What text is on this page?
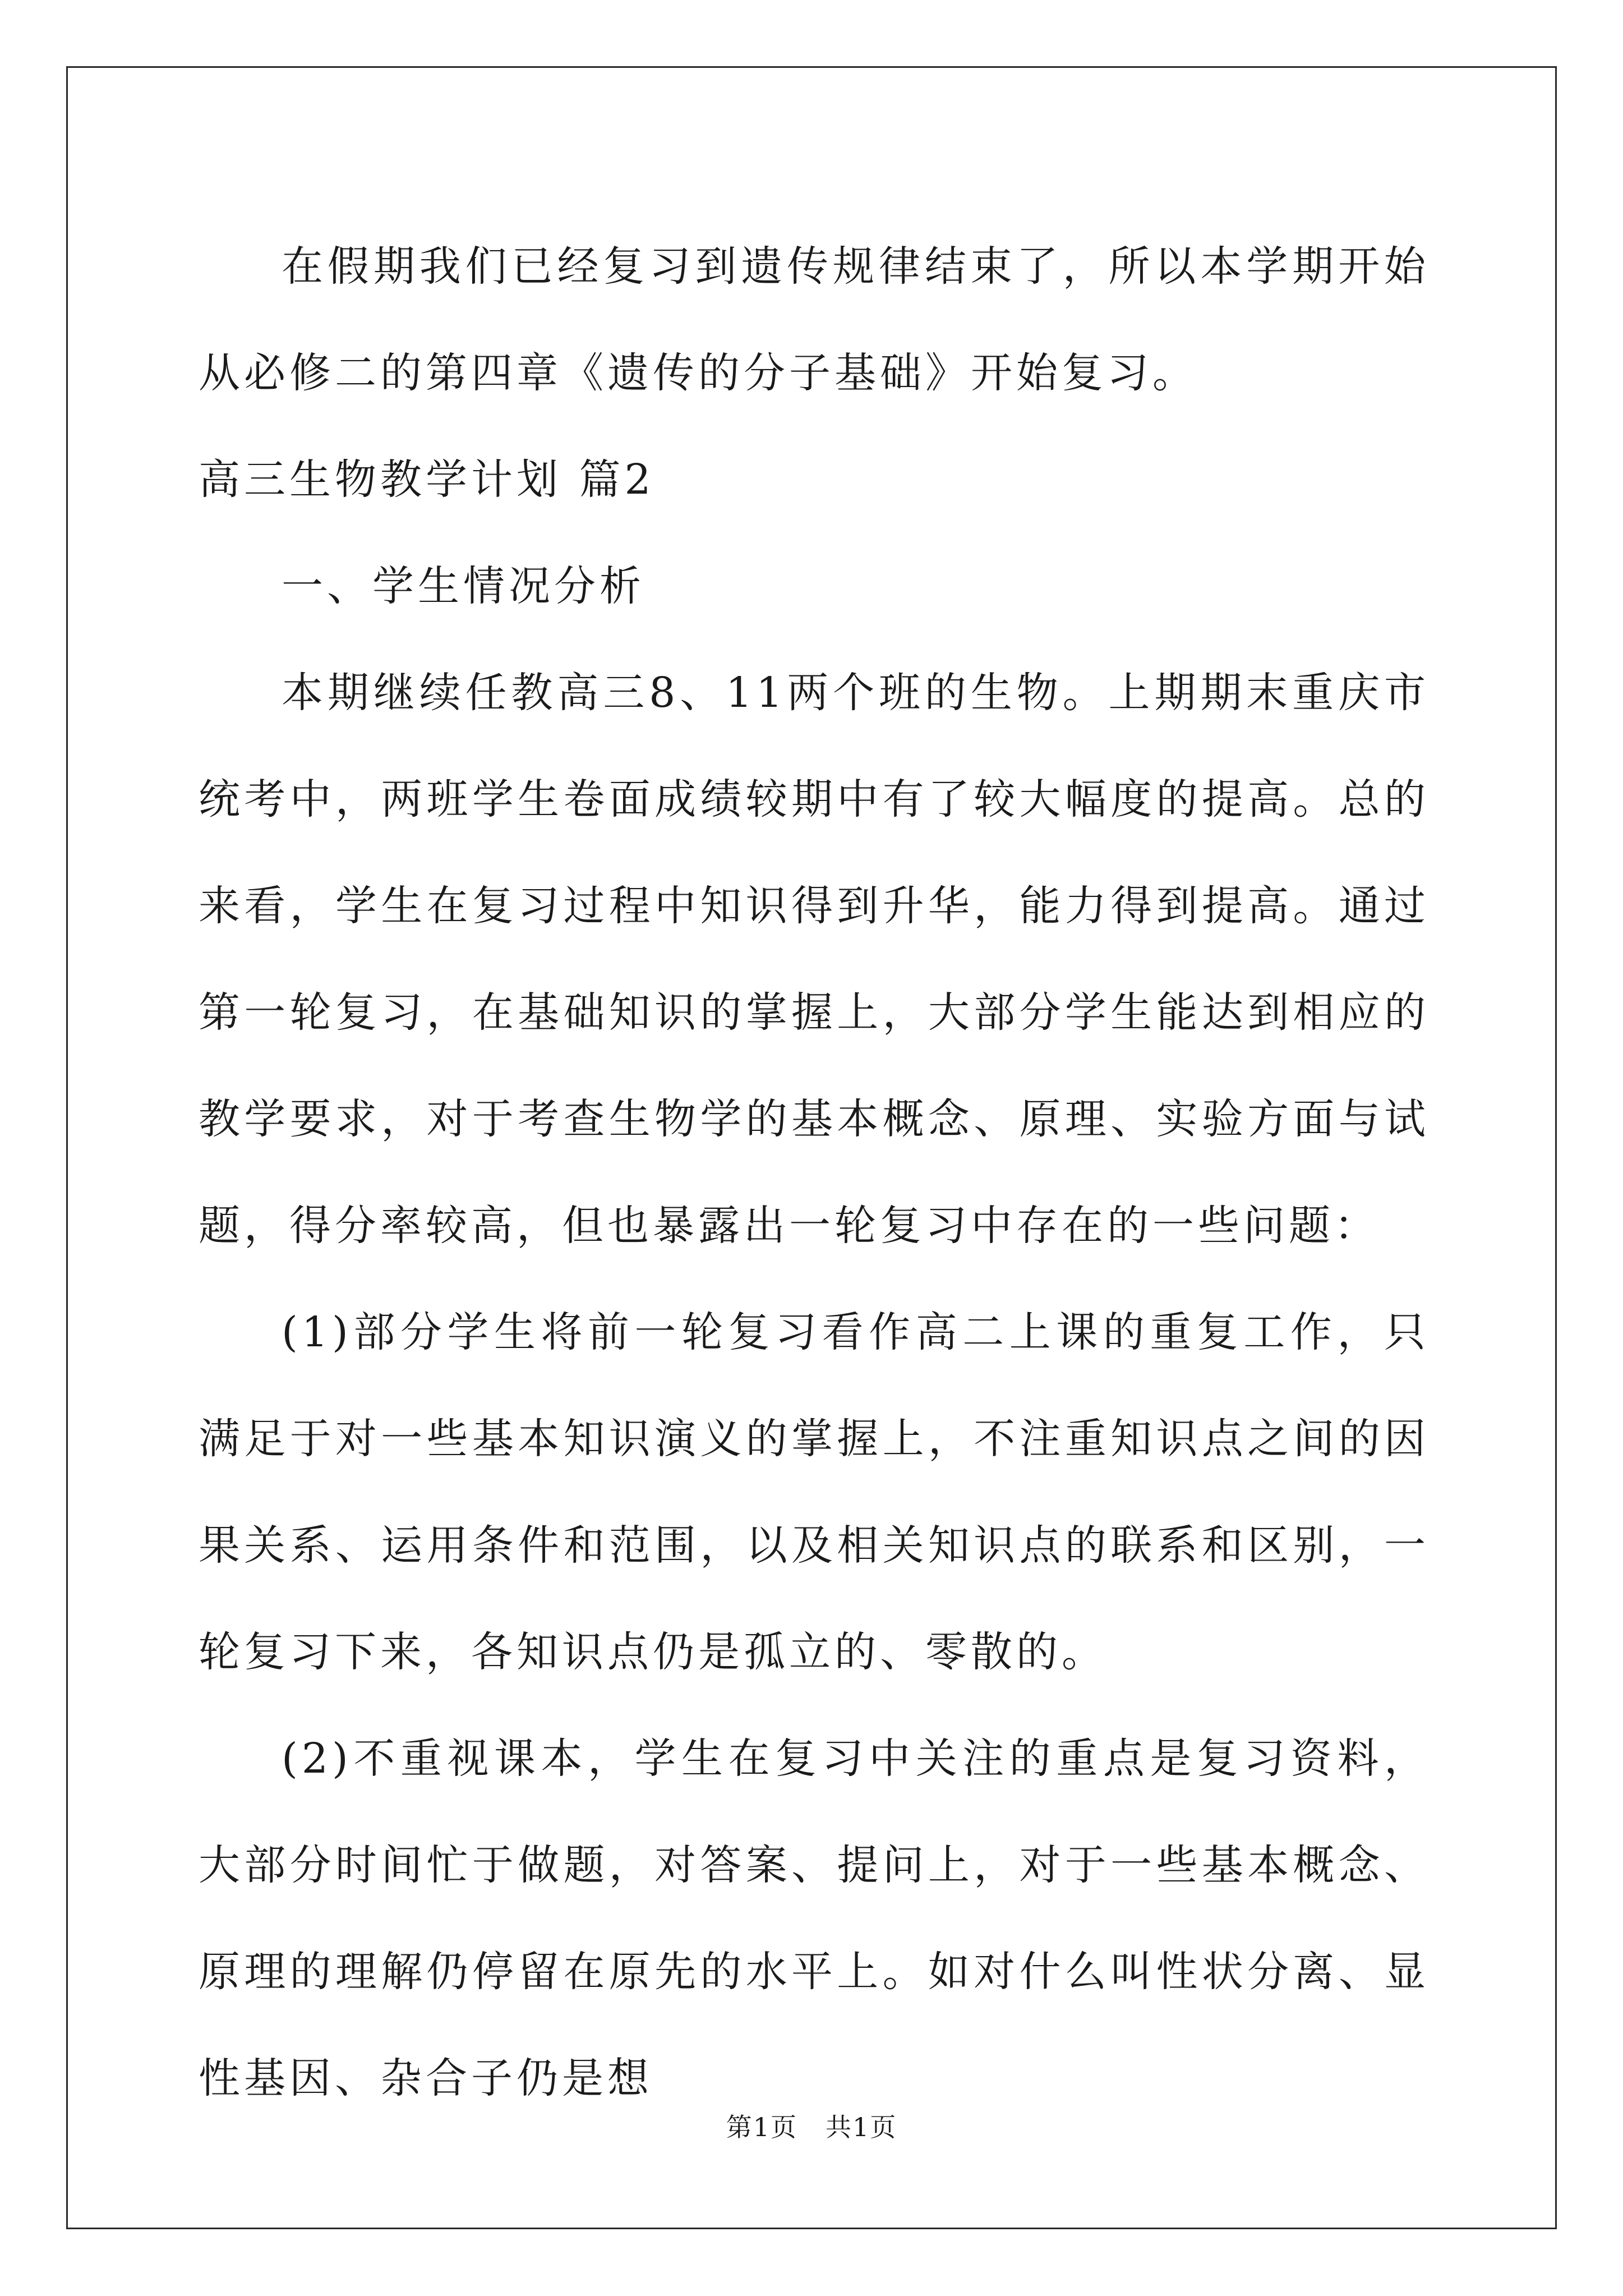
在假期我们已经复习到遗传规律结束了，所以本学期开始从必修二的第四章《遗传的分子基础》开始复习。

高三生物教学计划 篇2

一、学生情况分析

本期继续任教高三8、11两个班的生物。上期期末重庆市统考中，两班学生卷面成绩较期中有了较大幅度的提高。总的来看，学生在复习过程中知识得到升华，能力得到提高。通过第一轮复习，在基础知识的掌握上，大部分学生能达到相应的教学要求，对于考查生物学的基本概念、原理、实验方面与试题，得分率较高，但也暴露出一轮复习中存在的一些问题：

(1)部分学生将前一轮复习看作高二上课的重复工作，只满足于对一些基本知识演义的掌握上，不注重知识点之间的因果关系、运用条件和范围，以及相关知识点的联系和区别，一轮复习下来，各知识点仍是孤立的、零散的。

(2)不重视课本，学生在复习中关注的重点是复习资料，大部分时间忙于做题，对答案、提问上，对于一些基本概念、原理的理解仍停留在原先的水平上。如对什么叫性状分离、显性基因、杂合子仍是想

第1页 共1页
